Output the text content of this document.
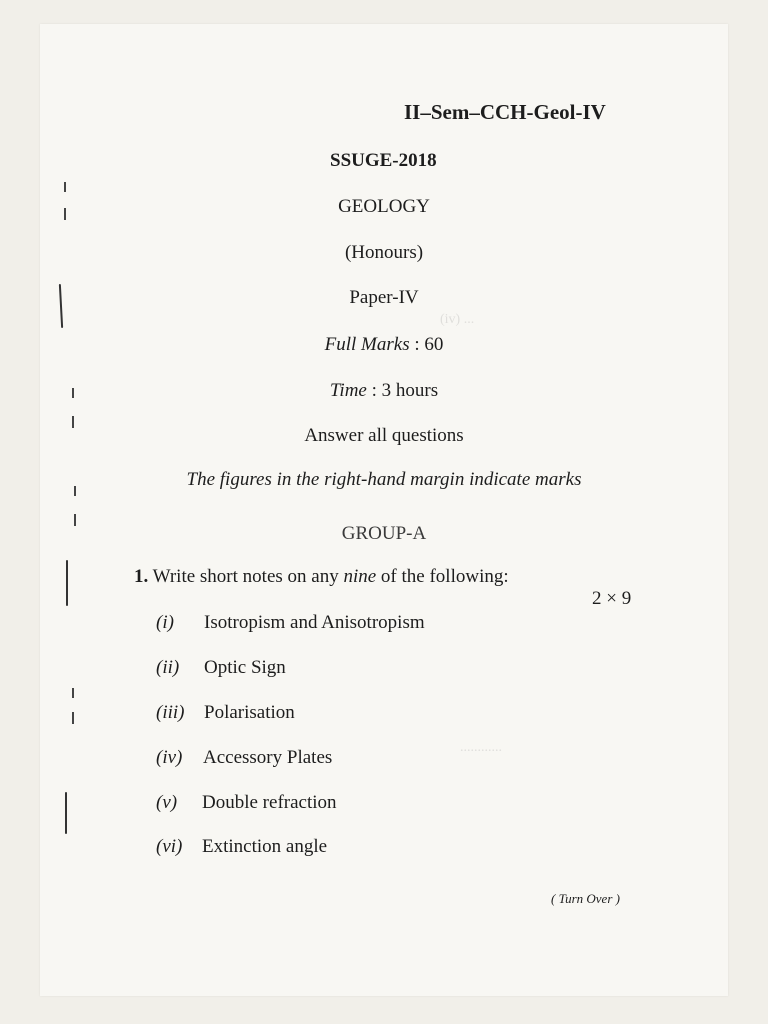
(iv) ...
............
II–Sem–CCH-Geol-IV
SSUGE-2018
GEOLOGY
(Honours)
Paper-IV
Full Marks : 60
Time : 3 hours
Answer all questions
The figures in the right-hand margin indicate marks
GROUP-A
1. Write short notes on any nine of the following:
2 × 9
(i) Isotropism and Anisotropism
(ii) Optic Sign
(iii) Polarisation
(iv) Accessory Plates
(v) Double refraction
(vi) Extinction angle
( Turn Over )
